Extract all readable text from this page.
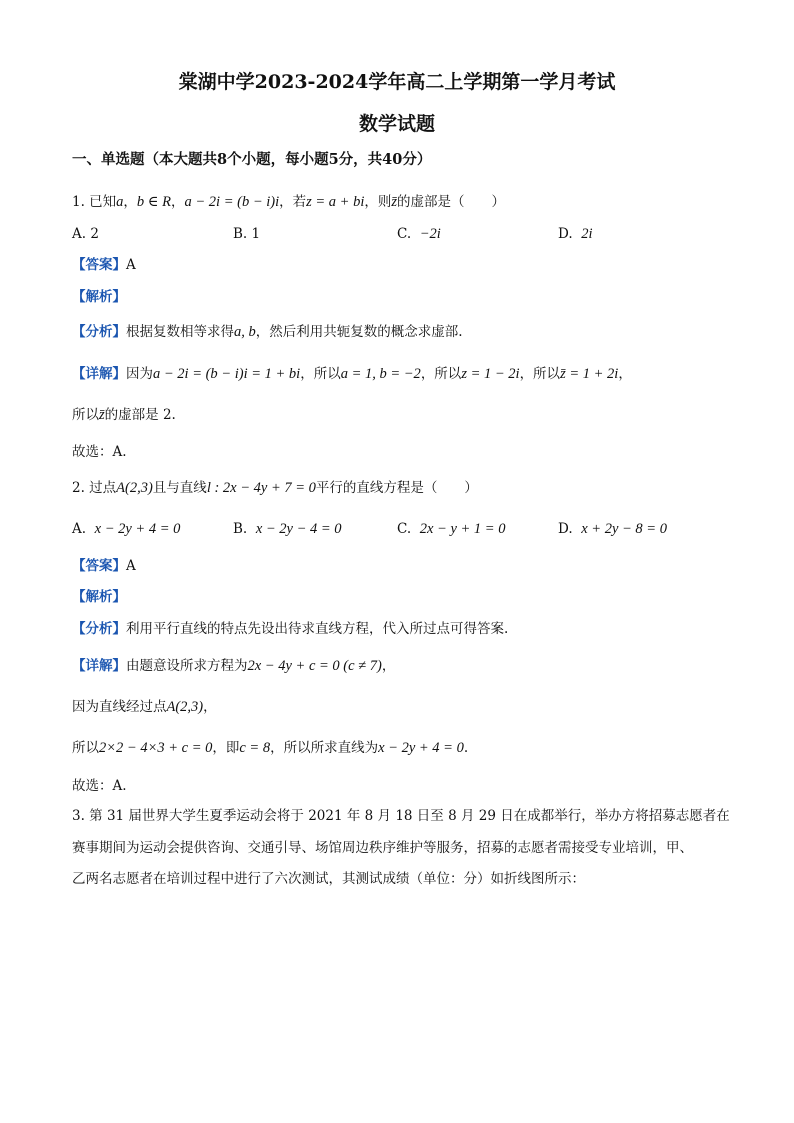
棠湖中学2023-2024学年高二上学期第一学月考试
数学试题
一、单选题（本大题共8个小题，每小题5分，共40分）
1. 已知a，b ∈ R，a − 2i = (b − i)i，若z = a + bi，则z̄的虚部是（　　）
A. 2	B. 1	C. −2i	D. 2i
【答案】A
【解析】
【分析】根据复数相等求得a, b，然后利用共轭复数的概念求虚部.
【详解】因为a − 2i = (b − i)i = 1 + bi，所以a = 1, b = −2，所以z = 1 − 2i，所以z̄ = 1 + 2i，
所以z̄的虚部是 2.
故选：A.
2. 过点A(2,3)且与直线l : 2x − 4y + 7 = 0平行的直线方程是（　　）
A. x − 2y + 4 = 0	B. x − 2y − 4 = 0	C. 2x − y + 1 = 0	D. x + 2y − 8 = 0
【答案】A
【解析】
【分析】利用平行直线的特点先设出待求直线方程，代入所过点可得答案.
【详解】由题意设所求方程为2x − 4y + c = 0 (c ≠ 7)，
因为直线经过点A(2,3)，
所以2×2 − 4×3 + c = 0，即c = 8，所以所求直线为x − 2y + 4 = 0.
故选：A.
3. 第 31 届世界大学生夏季运动会将于 2021 年 8 月 18 日至 8 月 29 日在成都举行，举办方将招募志愿者在
赛事期间为运动会提供咨询、交通引导、场馆周边秩序维护等服务，招募的志愿者需接受专业培训，甲、
乙两名志愿者在培训过程中进行了六次测试，其测试成绩（单位：分）如折线图所示：
